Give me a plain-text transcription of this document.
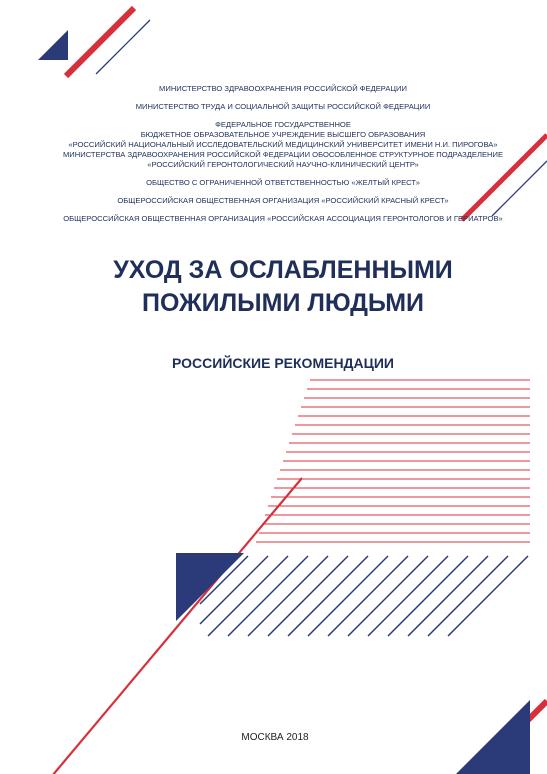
МИНИСТЕРСТВО ЗДРАВООХРАНЕНИЯ РОССИЙСКОЙ ФЕДЕРАЦИИ
МИНИСТЕРСТВО ТРУДА И СОЦИАЛЬНОЙ ЗАЩИТЫ РОССИЙСКОЙ ФЕДЕРАЦИИ
ФЕДЕРАЛЬНОЕ ГОСУДАРСТВЕННОЕ
БЮДЖЕТНОЕ ОБРАЗОВАТЕЛЬНОЕ УЧРЕЖДЕНИЕ ВЫСШЕГО ОБРАЗОВАНИЯ
«РОССИЙСКИЙ НАЦИОНАЛЬНЫЙ ИССЛЕДОВАТЕЛЬСКИЙ МЕДИЦИНСКИЙ УНИВЕРСИТЕТ ИМЕНИ Н.И. ПИРОГОВА»
МИНИСТЕРСТВА ЗДРАВООХРАНЕНИЯ РОССИЙСКОЙ ФЕДЕРАЦИИ ОБОСОБЛЕННОЕ СТРУКТУРНОЕ ПОДРАЗДЕЛЕНИЕ
«РОССИЙСКИЙ ГЕРОНТОЛОГИЧЕСКИЙ НАУЧНО-КЛИНИЧЕСКИЙ ЦЕНТР»
ОБЩЕСТВО С ОГРАНИЧЕННОЙ ОТВЕТСТВЕННОСТЬЮ «ЖЕЛТЫЙ КРЕСТ»
ОБЩЕРОССИЙСКАЯ ОБЩЕСТВЕННАЯ ОРГАНИЗАЦИЯ «РОССИЙСКИЙ КРАСНЫЙ КРЕСТ»
ОБЩЕРОССИЙСКАЯ ОБЩЕСТВЕННАЯ ОРГАНИЗАЦИЯ «РОССИЙСКАЯ АССОЦИАЦИЯ ГЕРОНТОЛОГОВ И ГЕРИАТРОВ»
УХОД ЗА ОСЛАБЛЕННЫМИ
ПОЖИЛЫМИ ЛЮДЬМИ
РОССИЙСКИЕ РЕКОМЕНДАЦИИ
МОСКВА 2018
